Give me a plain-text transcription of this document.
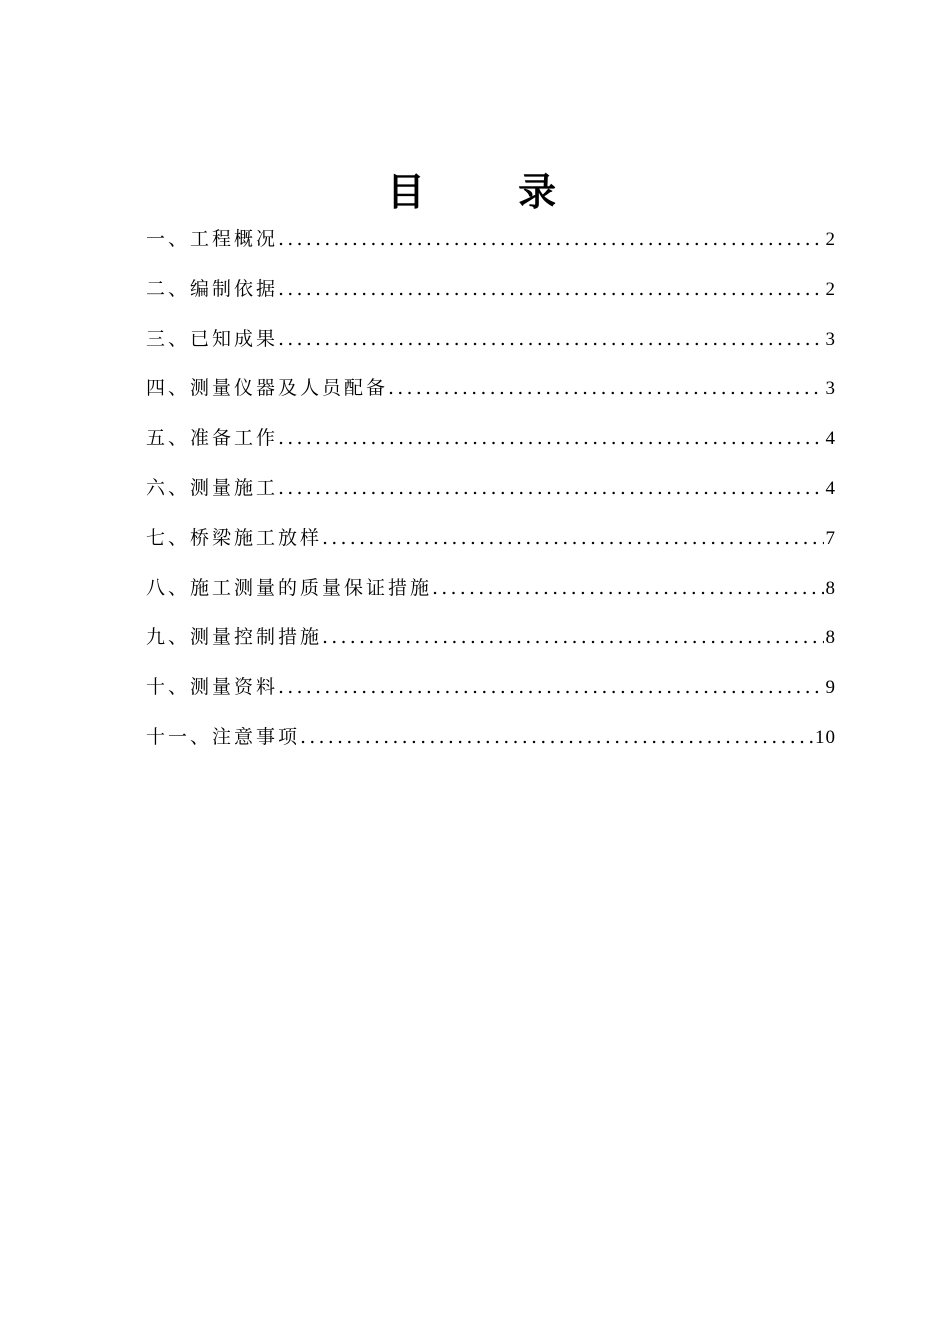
目 录
一、工程概况 .....	2
二、编制依据 .....	2
三、已知成果 .....	3
四、测量仪器及人员配备 .....	3
五、准备工作 .....	4
六、测量施工 .....	4
七、桥梁施工放样 .....	7
八、施工测量的质量保证措施 .....	8
九、测量控制措施 .....	8
十、测量资料 .....	9
十一、注意事项 .....	10
